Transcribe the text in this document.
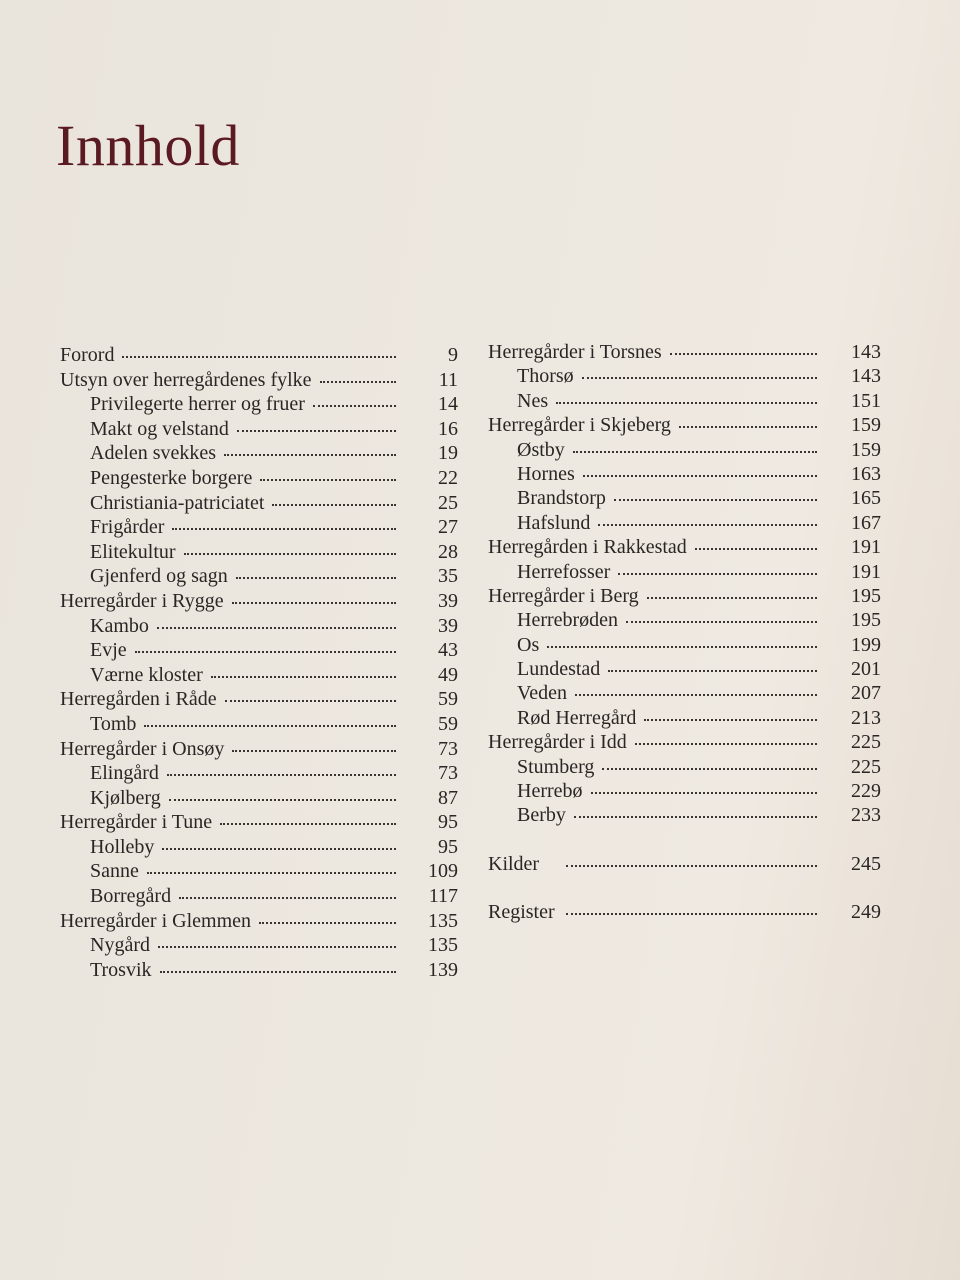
Innhold
Forord	9
Utsyn over herregårdenes fylke	11
Privilegerte herrer og fruer	14
Makt og velstand	16
Adelen svekkes	19
Pengesterke borgere	22
Christiania-patriciatet	25
Frigårder	27
Elitekultur	28
Gjenferd og sagn	35
Herregårder i Rygge	39
Kambo	39
Evje	43
Værne kloster	49
Herregården i Råde	59
Tomb	59
Herregårder i Onsøy	73
Elingård	73
Kjølberg	87
Herregårder i Tune	95
Holleby	95
Sanne	109
Borregård	117
Herregårder i Glemmen	135
Nygård	135
Trosvik	139
Herregårder i Torsnes	143
Thorsø	143
Nes	151
Herregårder i Skjeberg	159
Østby	159
Hornes	163
Brandstorp	165
Hafslund	167
Herregården i Rakkestad	191
Herrefosser	191
Herregårder i Berg	195
Herrebrøden	195
Os	199
Lundestad	201
Veden	207
Rød Herregård	213
Herregårder i Idd	225
Stumberg	225
Herrebø	229
Berby	233
Kilder	245
Register	249
